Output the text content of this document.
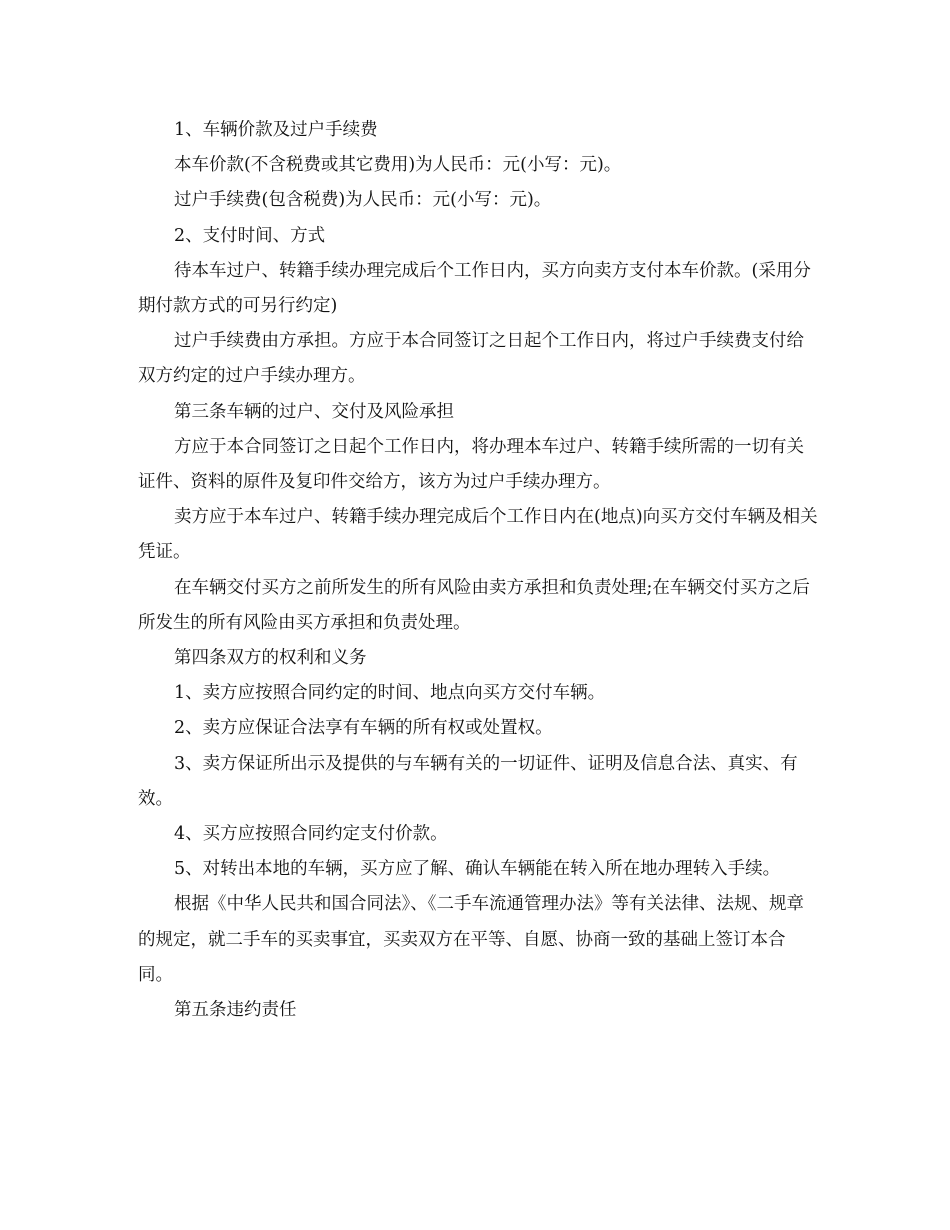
1、车辆价款及过户手续费

本车价款(不含税费或其它费用)为人民币：元(小写：元)。

过户手续费(包含税费)为人民币：元(小写：元)。

2、支付时间、方式

待本车过户、转籍手续办理完成后个工作日内，买方向卖方支付本车价款。(采用分期付款方式的可另行约定)

过户手续费由方承担。方应于本合同签订之日起个工作日内，将过户手续费支付给双方约定的过户手续办理方。

第三条车辆的过户、交付及风险承担

方应于本合同签订之日起个工作日内，将办理本车过户、转籍手续所需的一切有关证件、资料的原件及复印件交给方，该方为过户手续办理方。

卖方应于本车过户、转籍手续办理完成后个工作日内在(地点)向买方交付车辆及相关凭证。

在车辆交付买方之前所发生的所有风险由卖方承担和负责处理;在车辆交付买方之后所发生的所有风险由买方承担和负责处理。

第四条双方的权利和义务

1、卖方应按照合同约定的时间、地点向买方交付车辆。

2、卖方应保证合法享有车辆的所有权或处置权。

3、卖方保证所出示及提供的与车辆有关的一切证件、证明及信息合法、真实、有效。

4、买方应按照合同约定支付价款。

5、对转出本地的车辆，买方应了解、确认车辆能在转入所在地办理转入手续。

根据《中华人民共和国合同法》、《二手车流通管理办法》等有关法律、法规、规章的规定，就二手车的买卖事宜，买卖双方在平等、自愿、协商一致的基础上签订本合同。

第五条违约责任
